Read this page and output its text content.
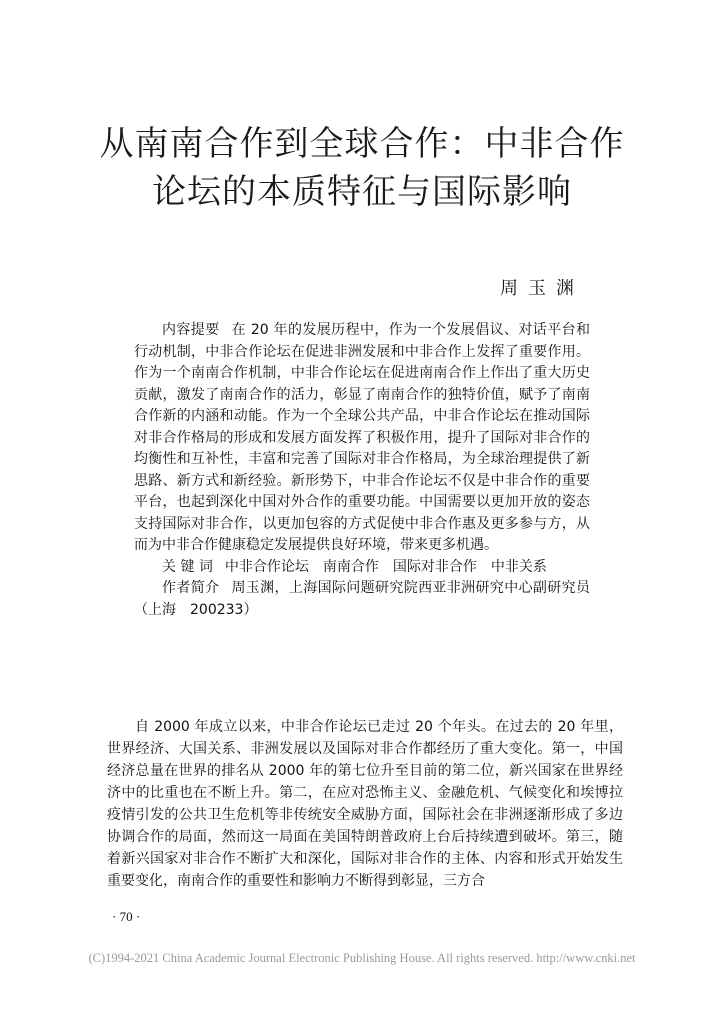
从南南合作到全球合作：中非合作
论坛的本质特征与国际影响
周玉渊

内容提要 在 20 年的发展历程中，作为一个发展倡议、对话平台和行动机制，中非合作论坛在促进非洲发展和中非合作上发挥了重要作用。作为一个南南合作机制，中非合作论坛在促进南南合作上作出了重大历史贡献，激发了南南合作的活力，彰显了南南合作的独特价值，赋予了南南合作新的内涵和动能。作为一个全球公共产品，中非合作论坛在推动国际对非合作格局的形成和发展方面发挥了积极作用，提升了国际对非合作的均衡性和互补性，丰富和完善了国际对非合作格局，为全球治理提供了新思路、新方式和新经验。新形势下，中非合作论坛不仅是中非合作的重要平台，也起到深化中国对外合作的重要功能。中国需要以更加开放的姿态支持国际对非合作，以更加包容的方式促使中非合作惠及更多参与方，从而为中非合作健康稳定发展提供良好环境，带来更多机遇。

关 键 词 中非合作论坛 南南合作 国际对非合作 中非关系

作者简介 周玉渊，上海国际问题研究院西亚非洲研究中心副研究员（上海　200233）

自 2000 年成立以来，中非合作论坛已走过 20 个年头。在过去的 20 年里，世界经济、大国关系、非洲发展以及国际对非合作都经历了重大变化。第一，中国经济总量在世界的排名从 2000 年的第七位升至目前的第二位，新兴国家在世界经济中的比重也在不断上升。第二，在应对恐怖主义、金融危机、气候变化和埃博拉疫情引发的公共卫生危机等非传统安全威胁方面，国际社会在非洲逐渐形成了多边协调合作的局面，然而这一局面在美国特朗普政府上台后持续遭到破坏。第三，随着新兴国家对非合作不断扩大和深化，国际对非合作的主体、内容和形式开始发生重要变化，南南合作的重要性和影响力不断得到彰显，三方合

· 70 ·
(C)1994-2021 China Academic Journal Electronic Publishing House. All rights reserved. http://www.cnki.net
